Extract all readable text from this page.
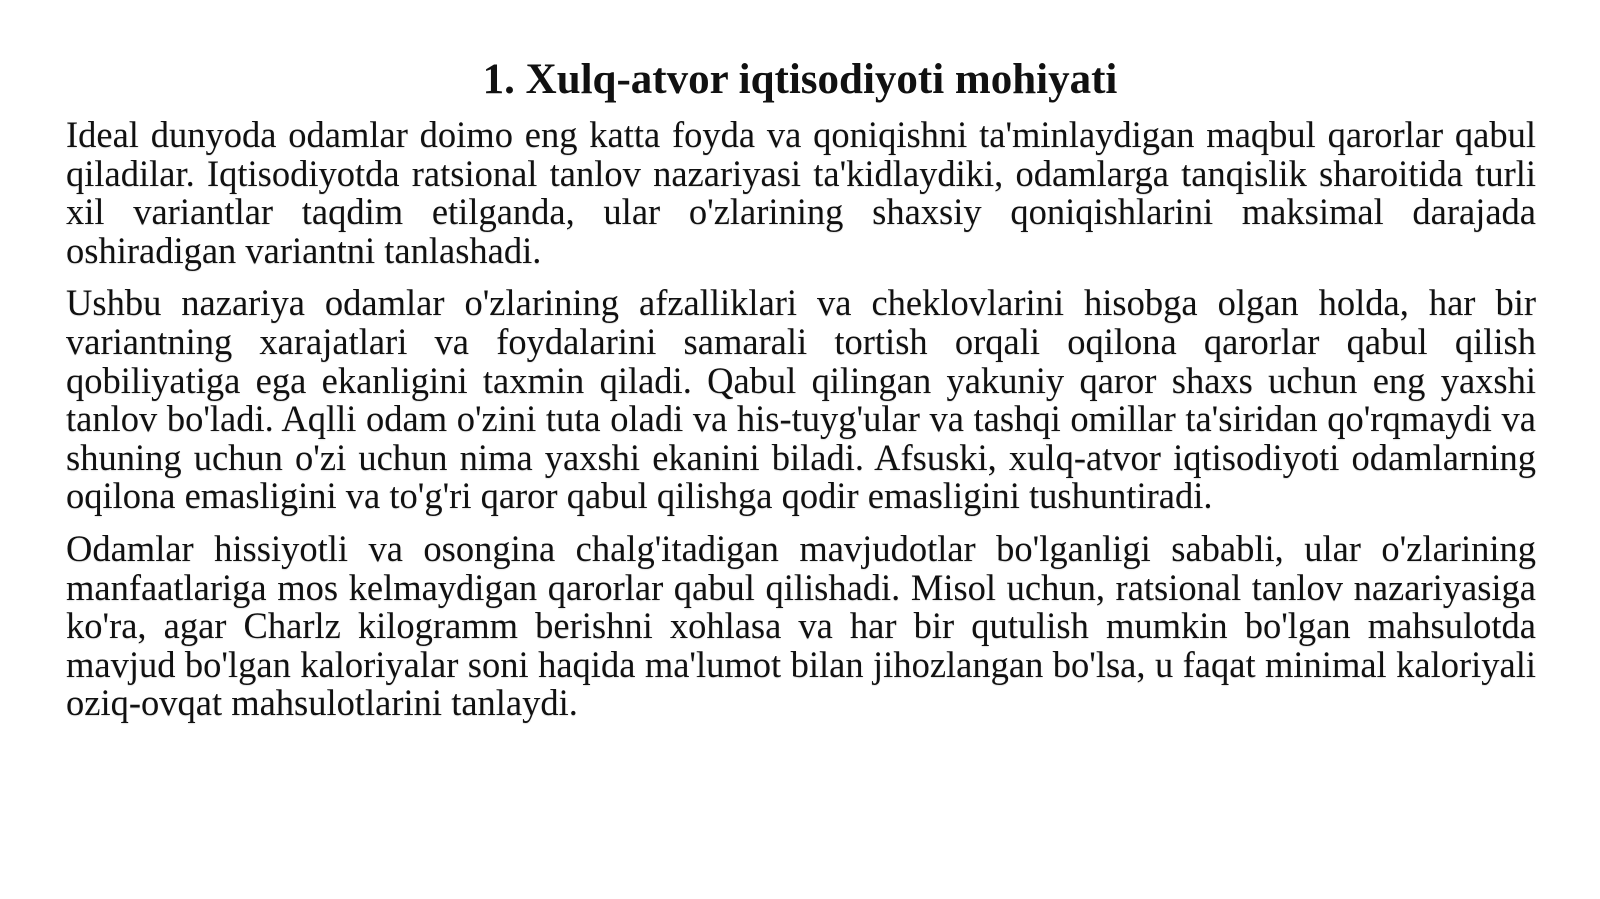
1. Xulq-atvor iqtisodiyoti mohiyati

Ideal dunyoda odamlar doimo eng katta foyda va qoniqishni ta'minlaydigan maqbul qarorlar qabul qiladilar. Iqtisodiyotda ratsional tanlov nazariyasi ta'kidlaydiki, odamlarga tanqislik sharoitida turli xil variantlar taqdim etilganda, ular o'zlarining shaxsiy qoniqishlarini maksimal darajada oshiradigan variantni tanlashadi.

Ushbu nazariya odamlar o'zlarining afzalliklari va cheklovlarini hisobga olgan holda, har bir variantning xarajatlari va foydalarini samarali tortish orqali oqilona qarorlar qabul qilish qobiliyatiga ega ekanligini taxmin qiladi. Qabul qilingan yakuniy qaror shaxs uchun eng yaxshi tanlov bo'ladi. Aqlli odam o'zini tuta oladi va his-tuyg'ular va tashqi omillar ta'siridan qo'rqmaydi va shuning uchun o'zi uchun nima yaxshi ekanini biladi. Afsuski, xulq-atvor iqtisodiyoti odamlarning oqilona emasligini va to'g'ri qaror qabul qilishga qodir emasligini tushuntiradi.

Odamlar hissiyotli va osongina chalg'itadigan mavjudotlar bo'lganligi sababli, ular o'zlarining manfaatlariga mos kelmaydigan qarorlar qabul qilishadi. Misol uchun, ratsional tanlov nazariyasiga ko'ra, agar Charlz kilogramm berishni xohlasa va har bir qutulish mumkin bo'lgan mahsulotda mavjud bo'lgan kaloriyalar soni haqida ma'lumot bilan jihozlangan bo'lsa, u faqat minimal kaloriyali oziq-ovqat mahsulotlarini tanlaydi.
